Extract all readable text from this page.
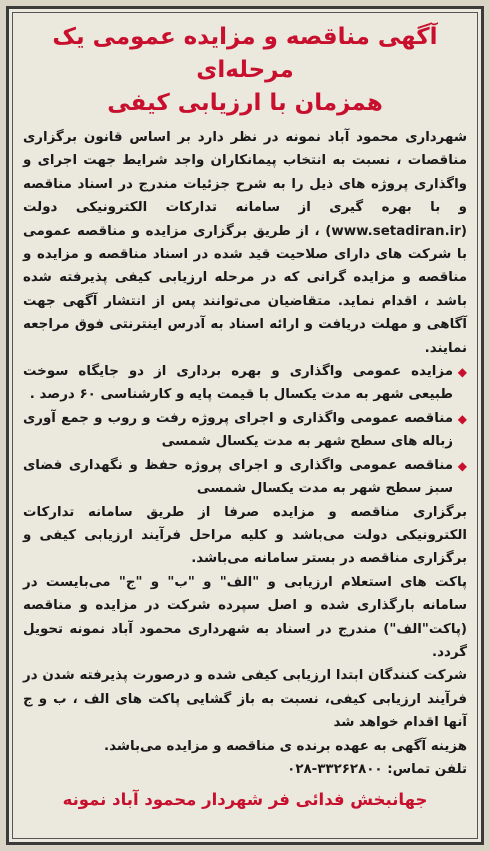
آگهی مناقصه و مزایده عمومی یک مرحله‌ای
همزمان با ارزیابی کیفی

شهرداری محمود آباد نمونه در نظر دارد بر اساس قانون برگزاری مناقصات ، نسبت به انتخاب پیمانکاران واجد شرایط جهت اجرای و واگذاری پروژه های ذیل را به شرح جزئیات مندرج در اسناد مناقصه و با بهره گیری از سامانه تدارکات الکترونیکی دولت (www.setadiran.ir) ، از طریق برگزاری مزایده و مناقصه عمومی با شرکت های دارای صلاحیت قید شده در اسناد مناقصه و مزایده و مناقصه و مزایده گرانی که در مرحله ارزیابی کیفی پذیرفته شده باشد ، اقدام نماید. متقاضیان می‌توانند پس از انتشار آگهی جهت آگاهی و مهلت دریافت و ارائه اسناد به آدرس اینترنتی فوق مراجعه نمایند.

◆
مزایده عمومی واگذاری و بهره برداری از دو جایگاه سوخت طبیعی شهر به مدت یکسال با قیمت پایه و کارشناسی ۶۰ درصد .

◆
مناقصه عمومی واگذاری و اجرای پروژه رفت و روب و جمع آوری زباله های سطح شهر به مدت یکسال شمسی

◆
مناقصه عمومی واگذاری و اجرای پروژه حفظ و نگهداری فضای سبز سطح شهر به مدت یکسال شمسی

برگزاری مناقصه و مزایده صرفا از طریق سامانه تدارکات الکترونیکی دولت می‌باشد و کلیه مراحل فرآیند ارزیابی کیفی و برگزاری مناقصه در بستر سامانه می‌باشد.

پاکت های استعلام ارزیابی و "الف" و "ب" و "ج" می‌بایست در سامانه بارگذاری شده و اصل سپرده شرکت در مزایده و مناقصه (پاکت"الف") مندرج در اسناد به شهرداری محمود آباد نمونه تحویل گردد.

شرکت کنندگان ابتدا ارزیابی کیفی شده و درصورت پذیرفته شدن در فرآیند ارزیابی کیفی، نسبت به باز گشایی پاکت های الف ، ب و ج آنها اقدام خواهد شد

هزینه آگهی به عهده برنده ی مناقصه و مزایده می‌باشد.

تلفن تماس: ۰۲۸-۳۳۲۶۲۸۰۰

جهانبخش فدائی فر شهردار محمود آباد نمونه
